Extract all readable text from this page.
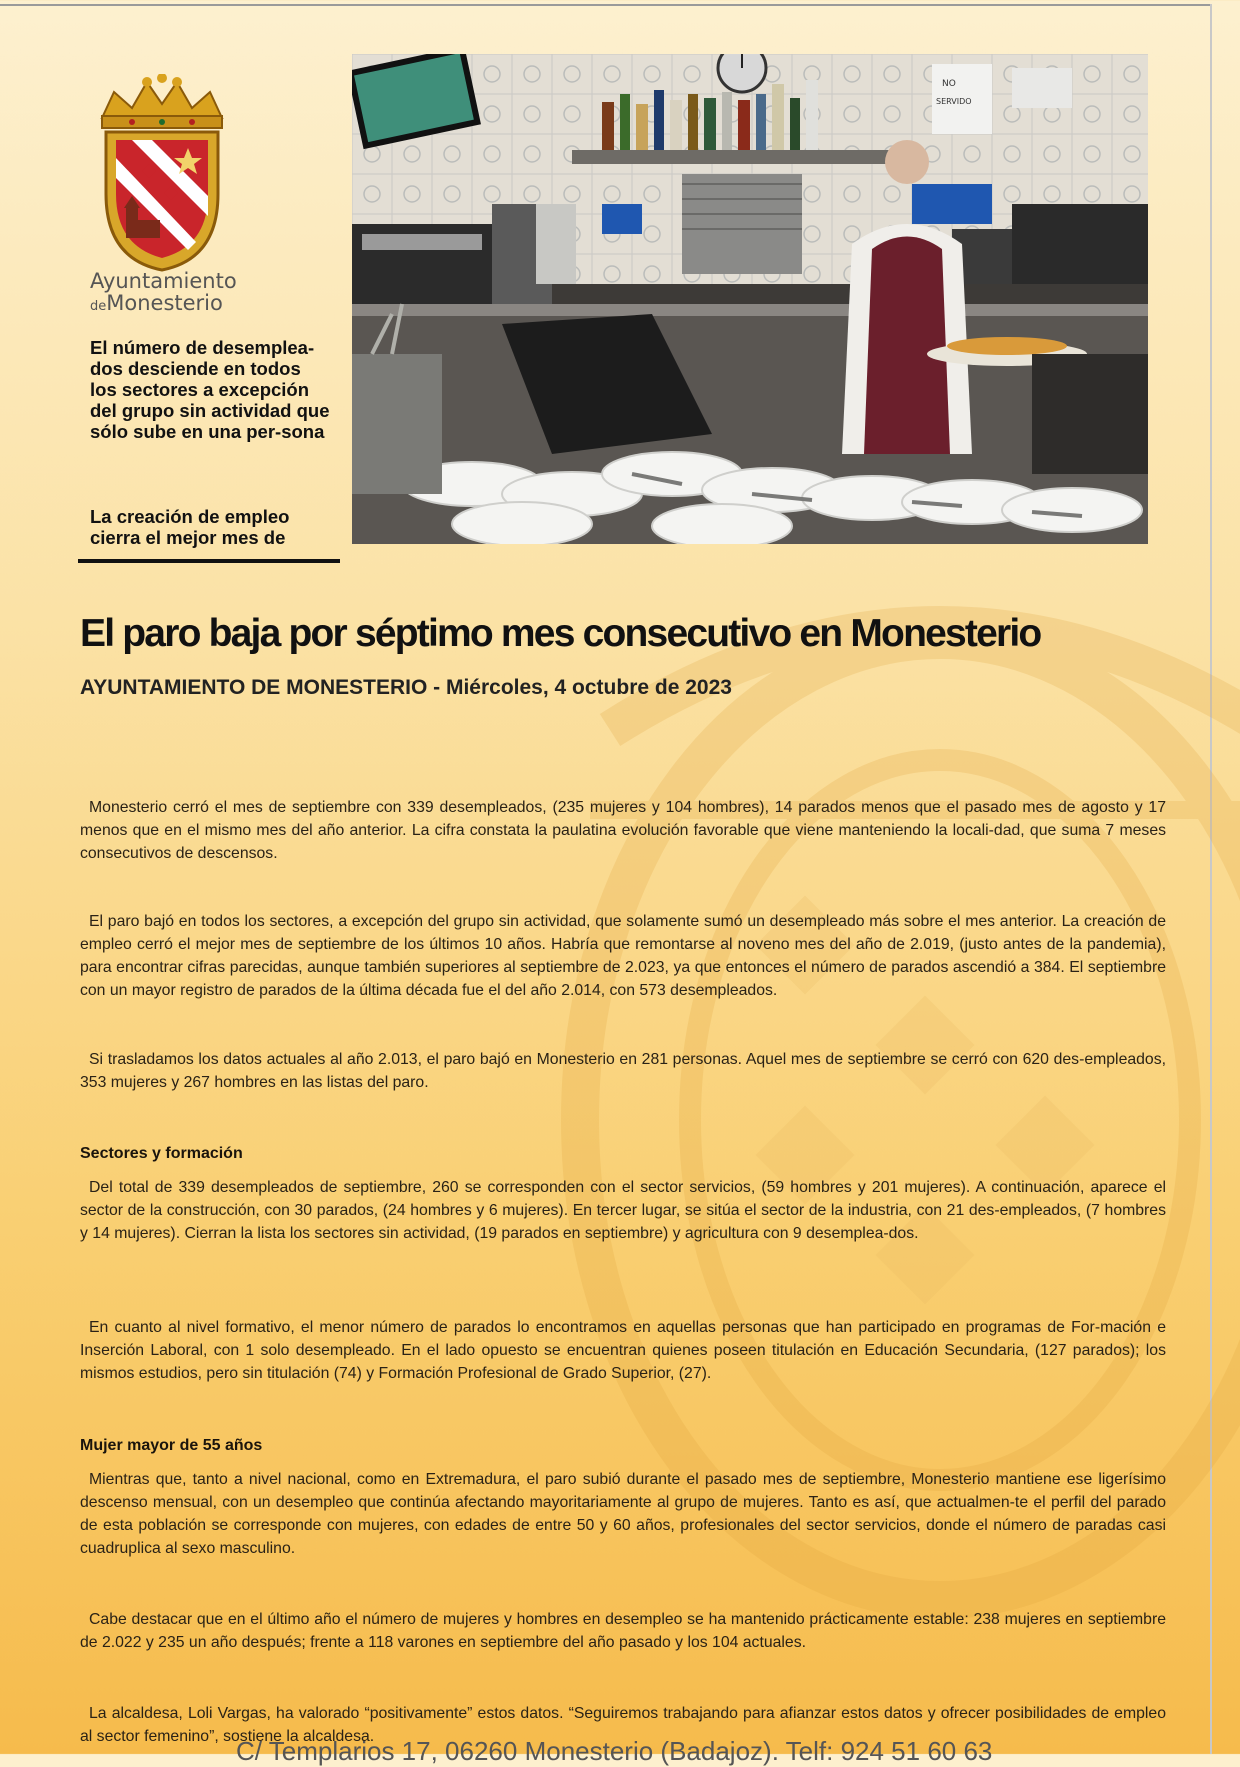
Ayuntamiento
deMonesterio
El número de desemplea-dos desciende en todos los sectores a excepción del grupo sin actividad que sólo sube en una per-sona
La creación de empleo cierra el mejor mes de
NO
SERVIDO
El paro baja por séptimo mes consecutivo en Monesterio
AYUNTAMIENTO DE MONESTERIO - Miércoles, 4 octubre de 2023

Monesterio cerró el mes de septiembre con 339 desempleados, (235 mujeres y 104 hombres), 14 parados menos que el pasado mes de agosto y 17 menos que en el mismo mes del año anterior. La cifra constata la paulatina evolución favorable que viene manteniendo la locali-dad, que suma 7 meses consecutivos de descensos.

El paro bajó en todos los sectores, a excepción del grupo sin actividad, que solamente sumó un desempleado más sobre el mes anterior. La creación de empleo cerró el mejor mes de septiembre de los últimos 10 años. Habría que remontarse al noveno mes del año de 2.019, (justo antes de la pandemia), para encontrar cifras parecidas, aunque también superiores al septiembre de 2.023, ya que entonces el número de parados ascendió a 384. El septiembre con un mayor registro de parados de la última década fue el del año 2.014, con 573 desempleados.

Si trasladamos los datos actuales al año 2.013, el paro bajó en Monesterio en 281 personas. Aquel mes de septiembre se cerró con 620 des-empleados, 353 mujeres y 267 hombres en las listas del paro.

Sectores y formación

Del total de 339 desempleados de septiembre, 260 se corresponden con el sector servicios, (59 hombres y 201 mujeres). A continuación, aparece el sector de la construcción, con 30 parados, (24 hombres y 6 mujeres). En tercer lugar, se sitúa el sector de la industria, con 21 des-empleados, (7 hombres y 14 mujeres). Cierran la lista los sectores sin actividad, (19 parados en septiembre) y agricultura con 9 desemplea-dos.

En cuanto al nivel formativo, el menor número de parados lo encontramos en aquellas personas que han participado en programas de For-mación e Inserción Laboral, con 1 solo desempleado. En el lado opuesto se encuentran quienes poseen titulación en Educación Secundaria, (127 parados); los mismos estudios, pero sin titulación (74) y Formación Profesional de Grado Superior, (27).

Mujer mayor de 55 años

Mientras que, tanto a nivel nacional, como en Extremadura, el paro subió durante el pasado mes de septiembre, Monesterio mantiene ese ligerísimo descenso mensual, con un desempleo que continúa afectando mayoritariamente al grupo de mujeres. Tanto es así, que actualmen-te el perfil del parado de esta población se corresponde con mujeres, con edades de entre 50 y 60 años, profesionales del sector servicios, donde el número de paradas casi cuadruplica al sexo masculino.

Cabe destacar que en el último año el número de mujeres y hombres en desempleo se ha mantenido prácticamente estable: 238 mujeres en septiembre de 2.022 y 235 un año después; frente a 118 varones en septiembre del año pasado y los 104 actuales.

La alcaldesa, Loli Vargas, ha valorado “positivamente” estos datos. “Seguiremos trabajando para afianzar estos datos y ofrecer posibilidades de empleo al sector femenino”, sostiene la alcaldesa.

C/ Templarios 17, 06260 Monesterio (Badajoz). Telf: 924 51 60 63
